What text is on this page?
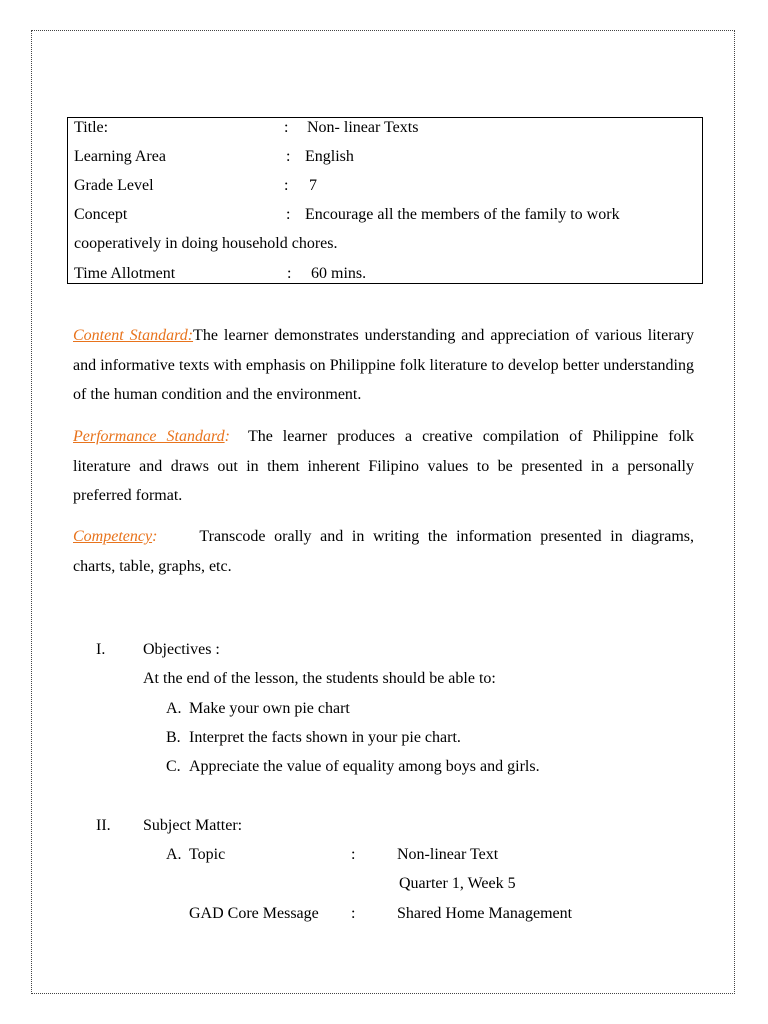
Title:	: Non- linear Texts
Learning Area	: English
Grade Level	: 7
Concept	: Encourage all the members of the family to work
cooperatively in doing household chores.
Time Allotment	: 60 mins.
Content Standard:The learner demonstrates understanding and appreciation of various literary and informative texts with emphasis on Philippine folk literature to develop better understanding of the human condition and the environment.
Performance Standard: The learner produces a creative compilation of Philippine folk literature and draws out in them inherent Filipino values to be presented in a personally preferred format.
Competency:	Transcode orally and in writing the information presented in diagrams, charts, table, graphs, etc.
I. Objectives :
At the end of the lesson, the students should be able to:
A. Make your own pie chart
B. Interpret the facts shown in your pie chart.
C. Appreciate the value of equality among boys and girls.
II. Subject Matter:
A. Topic	:	Non-linear Text
Quarter 1, Week 5
GAD Core Message :	Shared Home Management
